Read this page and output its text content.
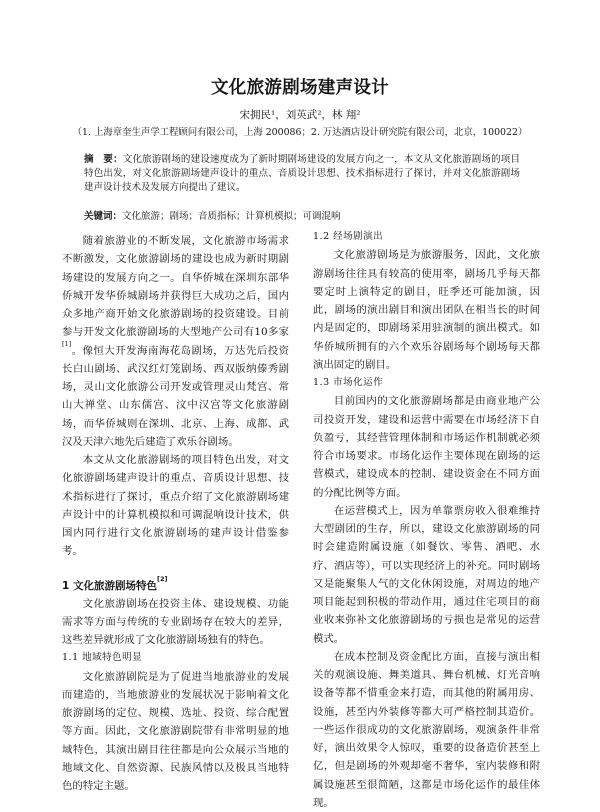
文化旅游剧场建声设计
宋拥民¹，刘英武²，林 翔²
（1. 上海章奎生声学工程顾问有限公司，上海 200086；2. 万达酒店设计研究院有限公司，北京，100022）
摘　要：文化旅游剧场的建设速度成为了新时期剧场建设的发展方向之一，本文从文化旅游剧场的项目特色出发，对文化旅游剧场建声设计的重点、音质设计思想、技术指标进行了探讨，并对文化旅游剧场建声设计技术及发展方向提出了建议。
关键词：文化旅游；剧场；音质指标；计算机模拟；可调混响

随着旅游业的不断发展，文化旅游市场需求不断激发，文化旅游剧场的建设也成为新时期剧场建设的发展方向之一。自华侨城在深圳东部华侨城开发华侨城剧场并获得巨大成功之后，国内众多地产商开始文化旅游剧场的投资建设。目前参与开发文化旅游剧场的大型地产公司有10多家[1]。像恒大开发海南海花岛剧场，万达先后投资长白山剧场、武汉红灯笼剧场、西双版纳傣秀剧场，灵山文化旅游公司开发或管理灵山梵宫、常山大禅堂、山东儒宫、汶中汉宫等文化旅游剧场，而华侨城则在深圳、北京、上海、成都、武汉及天津六地先后建造了欢乐谷剧场。

本文从文化旅游剧场的项目特色出发，对文化旅游剧场建声设计的重点、音质设计思想、技术指标进行了探讨，重点介绍了文化旅游剧场建声设计中的计算机模拟和可调混响设计技术，供国内同行进行文化旅游剧场的建声设计借鉴参考。

1 文化旅游剧场特色[2]

文化旅游剧场在投资主体、建设规模、功能需求等方面与传统的专业剧场存在较大的差异，这些差异就形成了文化旅游剧场独有的特色。

1.1 地域特色明显

文化旅游剧院是为了促进当地旅游业的发展而建造的，当地旅游业的发展状况于影响着文化旅游剧场的定位、规模、选址、投资、综合配置等方面。因此，文化旅游剧院带有非常明显的地域特色，其演出剧目往往都是向公众展示当地的地域文化、自然资源、民族风情以及极具当地特色的特定主题。

1.2 经场剧演出

文化旅游剧场是为旅游服务，因此，文化旅游剧场往往具有较高的使用率，剧场几乎每天都要定时上演特定的剧目，旺季还可能加演，因此，剧场的演出剧目和演出团队在相当长的时间内是固定的，即剧场采用驻演制的演出模式。如华侨城所拥有的六个欢乐谷剧场每个剧场每天都演出固定的剧目。

1.3 市场化运作

目前国内的文化旅游剧场都是由商业地产公司投资开发，建设和运营中需要在市场经济下自负盈亏，其经营管理体制和市场运作机制就必须符合市场要求。市场化运作主要体现在剧场的运营模式，建设成本的控制、建设资金在不同方面的分配比例等方面。

在运营模式上，因为单靠票房收入很难维持大型剧团的生存，所以，建设文化旅游剧场的同时会建造附属设施（如餐饮、零售、酒吧、水疗、酒店等），可以实现经济上的补充。同时剧场又是能聚集人气的文化休闲设施，对周边的地产项目能起到积极的带动作用，通过住宅项目的商业收来弥补文化旅游剧场的亏损也是常见的运营模式。

在成本控制及资金配比方面，直接与演出相关的观演设施、舞美道具、舞台机械、灯光音响设备等都不惜重金来打造，而其他的附属用房、设施，甚至内外装修等都大可严格控制其造价。一些运作很成功的文化旅游剧场，观演条件非常好，演出效果令人惊叹，重要的设备造价甚至上亿，但是剧场的外观却毫不奢华，室内装修和附属设施甚至很简陋，这都是市场化运作的最佳体现。
